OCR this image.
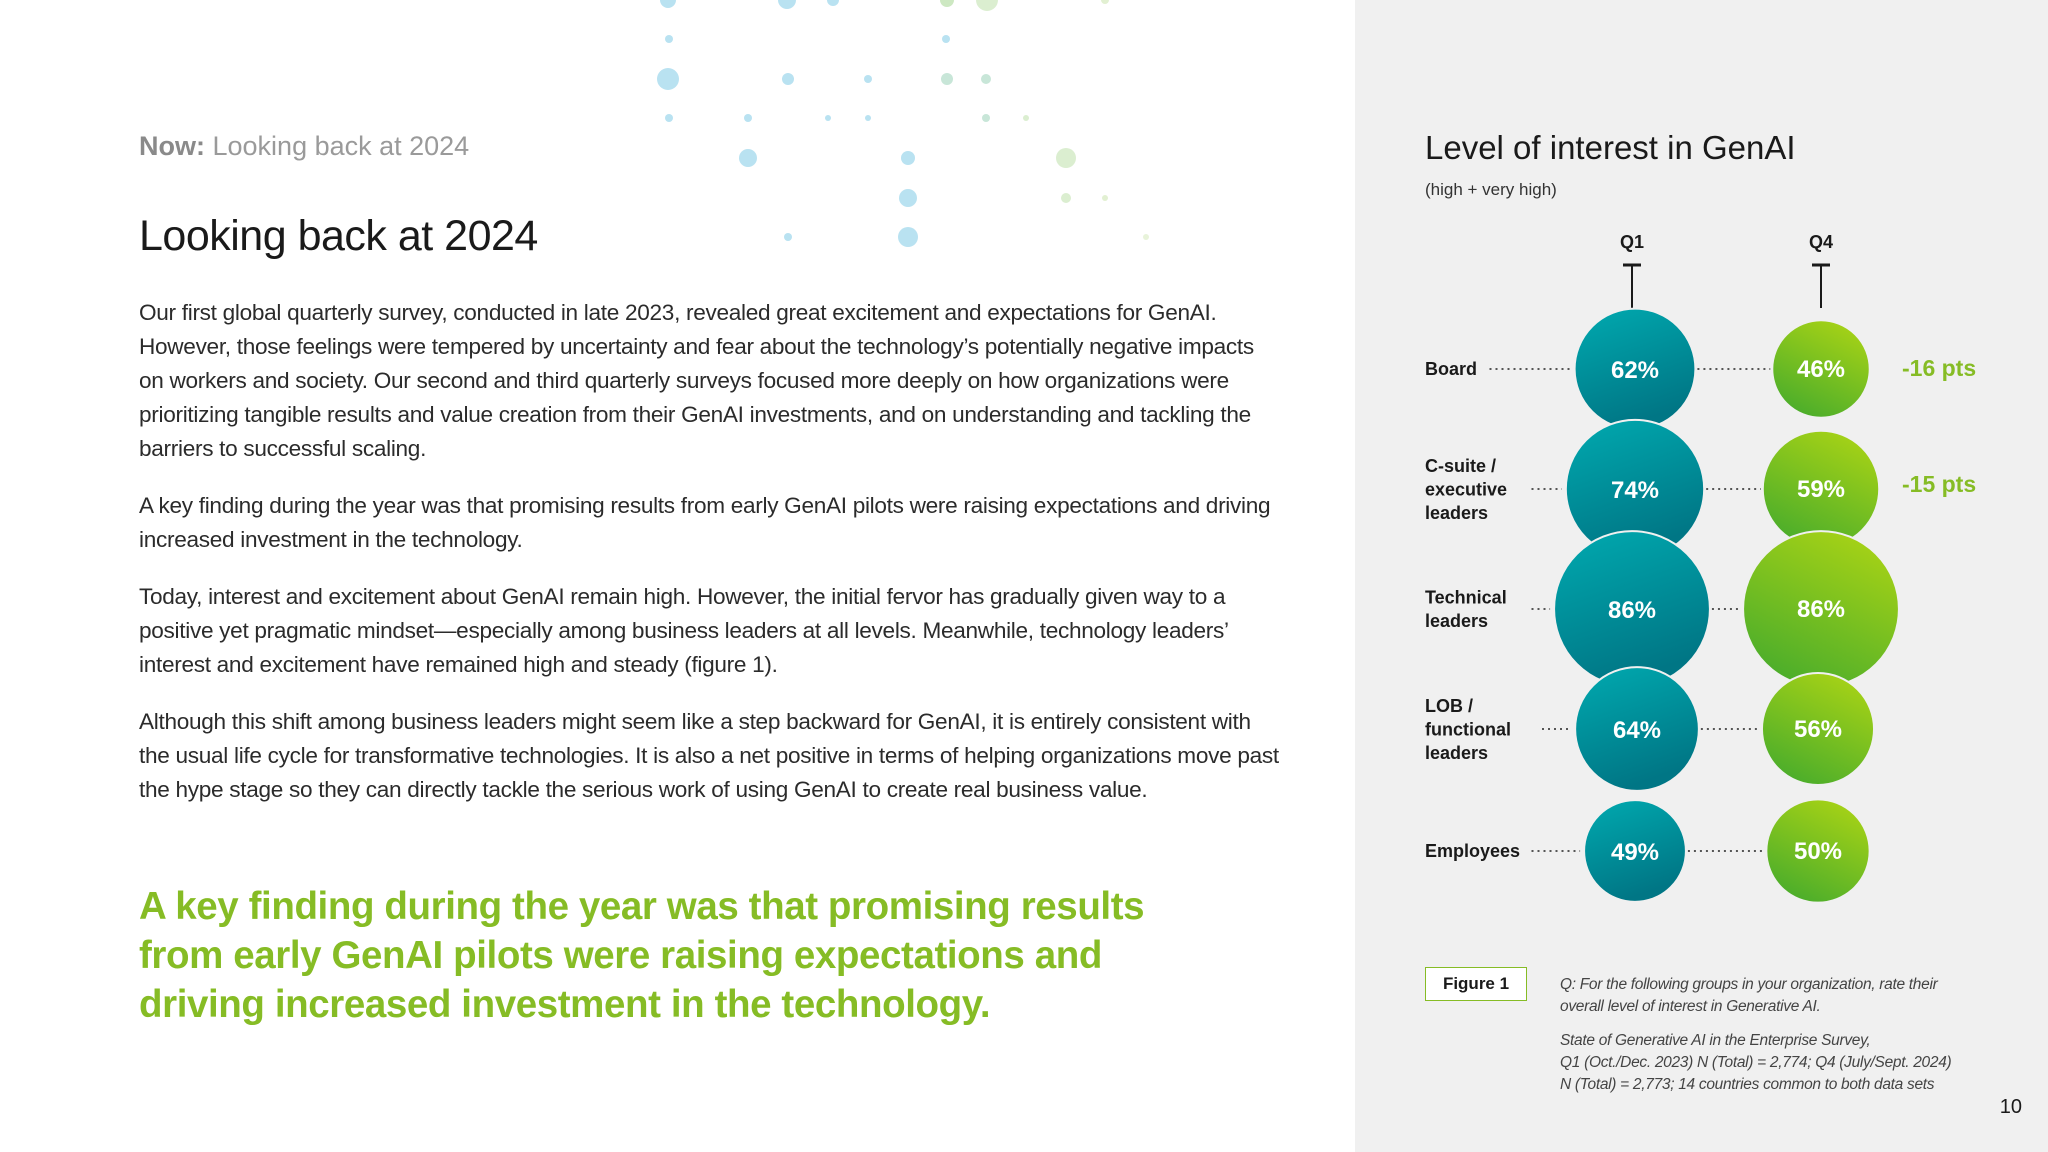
Now: Looking back at 2024
Looking back at 2024

Our first global quarterly survey, conducted in late 2023, revealed great excitement and expectations for GenAI. However, those feelings were tempered by uncertainty and fear about the technology’s potentially negative impacts on workers and society. Our second and third quarterly surveys focused more deeply on how organizations were prioritizing tangible results and value creation from their GenAI investments, and on understanding and tackling the barriers to successful scaling.

A key finding during the year was that promising results from early GenAI pilots were raising expectations and driving increased investment in the technology.

Today, interest and excitement about GenAI remain high. However, the initial fervor has gradually given way to a positive yet pragmatic mindset—especially among business leaders at all levels. Meanwhile, technology leaders’ interest and excitement have remained high and steady (figure 1).

Although this shift among business leaders might seem like a step backward for GenAI, it is entirely consistent with the usual life cycle for transformative technologies. It is also a net positive in terms of helping organizations move past the hype stage so they can directly tackle the serious work of using GenAI to create real business value.

A key finding during the year was that promising results from early GenAI pilots were raising expectations and driving increased investment in the technology.

Level of interest in GenAI
(high + very high)
Q1	Q4
Board
C-suite /
executive
leaders
Technical
leaders
LOB /
functional
leaders
Employees
62%
74%
86%
64%
49%
46%
59%
86%
56%
50%
-16 pts
-15 pts
Figure 1	Q: For the following groups in your organization, rate their
overall level of interest in Generative AI.
State of Generative AI in the Enterprise Survey,
Q1 (Oct./Dec. 2023) N (Total) = 2,774; Q4 (July/Sept. 2024)
N (Total) = 2,773; 14 countries common to both data sets
10
